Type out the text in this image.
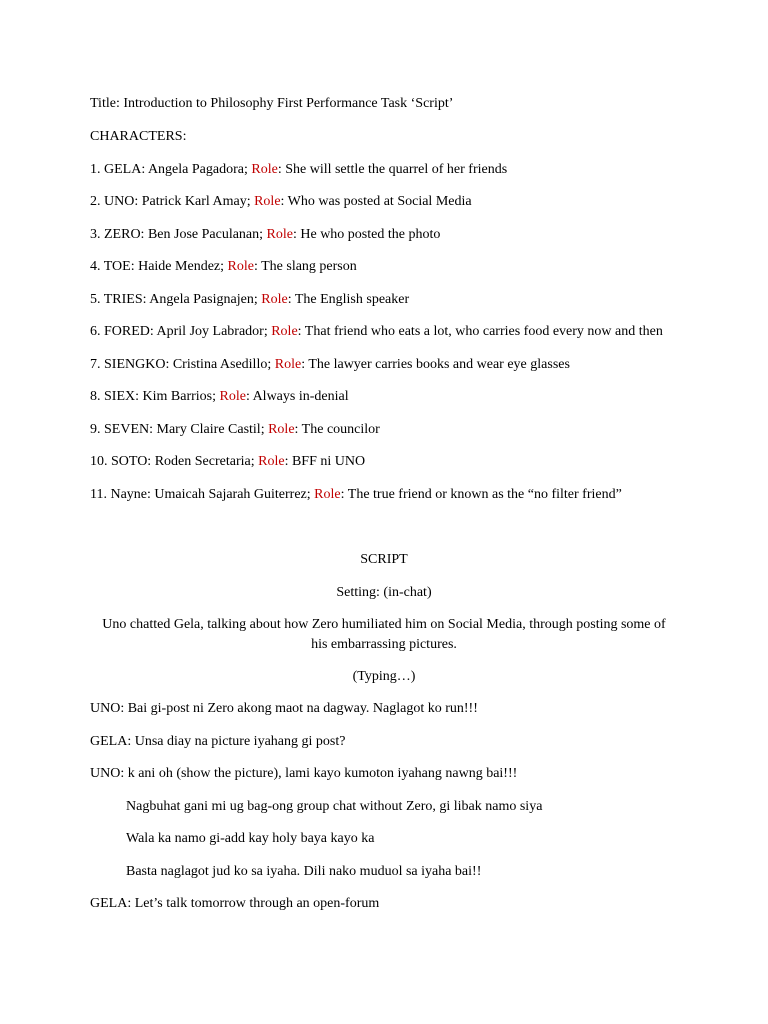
Title: Introduction to Philosophy First Performance Task ‘Script’
CHARACTERS:
1. GELA: Angela Pagadora; Role: She will settle the quarrel of her friends
2. UNO: Patrick Karl Amay; Role: Who was posted at Social Media
3. ZERO: Ben Jose Paculanan; Role: He who posted the photo
4. TOE: Haide Mendez; Role: The slang person
5. TRIES: Angela Pasignajen; Role: The English speaker
6. FORED: April Joy Labrador; Role: That friend who eats a lot, who carries food every now and then
7. SIENGKO: Cristina Asedillo; Role: The lawyer carries books and wear eye glasses
8. SIEX: Kim Barrios; Role: Always in-denial
9. SEVEN: Mary Claire Castil; Role: The councilor
10. SOTO: Roden Secretaria; Role: BFF ni UNO
11. Nayne: Umaicah Sajarah Guiterrez; Role: The true friend or known as the “no filter friend”
SCRIPT
Setting: (in-chat)
Uno chatted Gela, talking about how Zero humiliated him on Social Media, through posting some of his embarrassing pictures.
(Typing…)
UNO: Bai gi-post ni Zero akong maot na dagway. Naglagot ko run!!!
GELA: Unsa diay na picture iyahang gi post?
UNO: k ani oh (show the picture), lami kayo kumoton iyahang nawng bai!!!
Nagbuhat gani mi ug bag-ong group chat without Zero, gi libak namo siya
Wala ka namo gi-add kay holy baya kayo ka
Basta naglagot jud ko sa iyaha. Dili nako muduol sa iyaha bai!!
GELA: Let’s talk tomorrow through an open-forum
